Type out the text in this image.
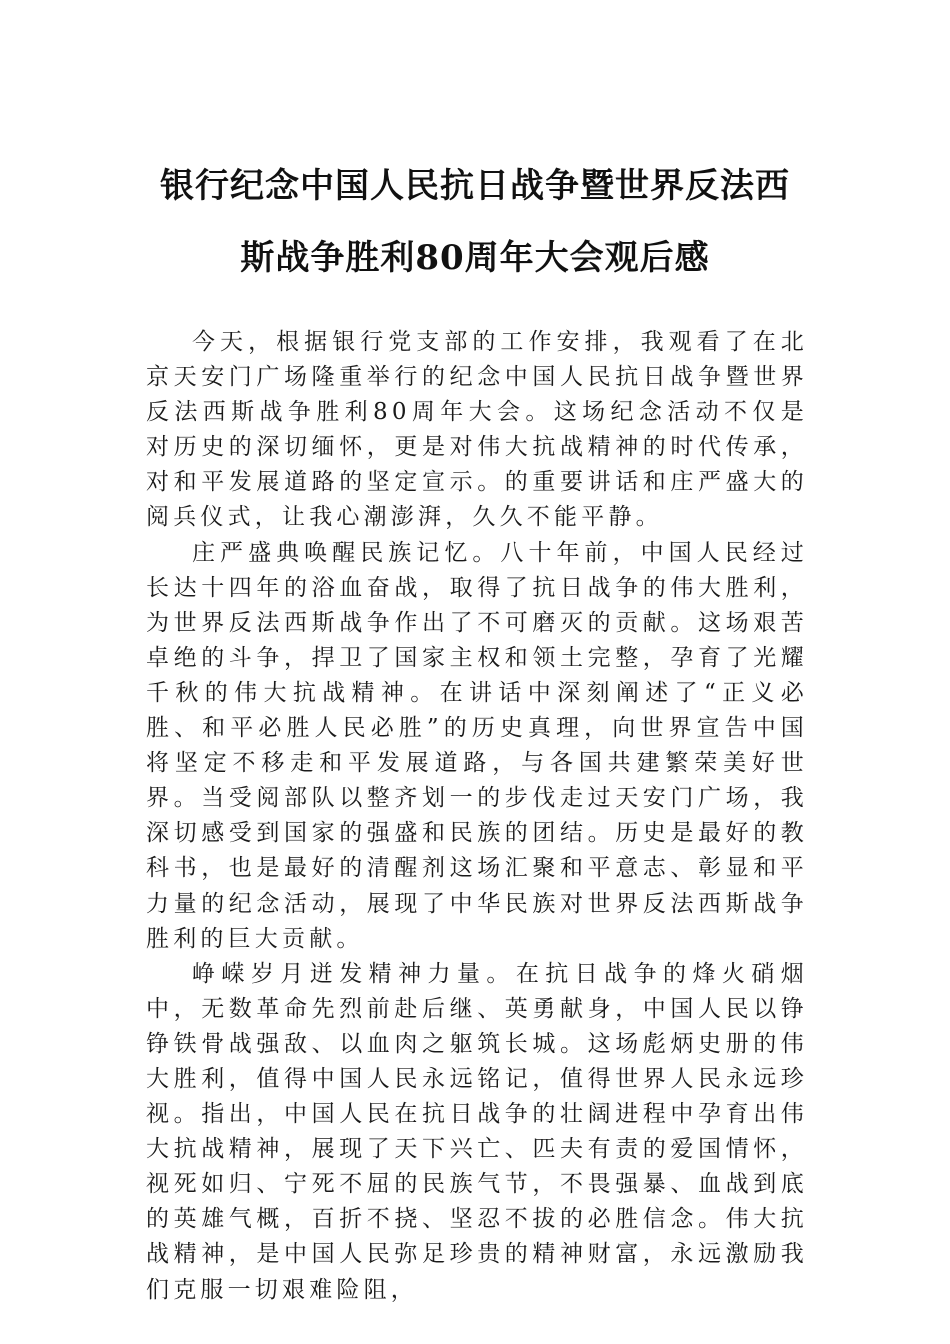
银行纪念中国人民抗日战争暨世界反法西
斯战争胜利80周年大会观后感

今天，根据银行党支部的工作安排，我观看了在北京天安门广场隆重举行的纪念中国人民抗日战争暨世界反法西斯战争胜利80周年大会。这场纪念活动不仅是对历史的深切缅怀，更是对伟大抗战精神的时代传承，对和平发展道路的坚定宣示。的重要讲话和庄严盛大的阅兵仪式，让我心潮澎湃，久久不能平静。

庄严盛典唤醒民族记忆。八十年前，中国人民经过长达十四年的浴血奋战，取得了抗日战争的伟大胜利，为世界反法西斯战争作出了不可磨灭的贡献。这场艰苦卓绝的斗争，捍卫了国家主权和领土完整，孕育了光耀千秋的伟大抗战精神。在讲话中深刻阐述了“正义必胜、和平必胜人民必胜”的历史真理，向世界宣告中国将坚定不移走和平发展道路，与各国共建繁荣美好世界。当受阅部队以整齐划一的步伐走过天安门广场，我深切感受到国家的强盛和民族的团结。历史是最好的教科书，也是最好的清醒剂这场汇聚和平意志、彰显和平力量的纪念活动，展现了中华民族对世界反法西斯战争胜利的巨大贡献。

峥嵘岁月迸发精神力量。在抗日战争的烽火硝烟中，无数革命先烈前赴后继、英勇献身，中国人民以铮铮铁骨战强敌、以血肉之躯筑长城。这场彪炳史册的伟大胜利，值得中国人民永远铭记，值得世界人民永远珍视。指出，中国人民在抗日战争的壮阔进程中孕育出伟大抗战精神，展现了天下兴亡、匹夫有责的爱国情怀，视死如归、宁死不屈的民族气节，不畏强暴、血战到底的英雄气概，百折不挠、坚忍不拔的必胜信念。伟大抗战精神，是中国人民弥足珍贵的精神财富，永远激励我们克服一切艰难险阻，
